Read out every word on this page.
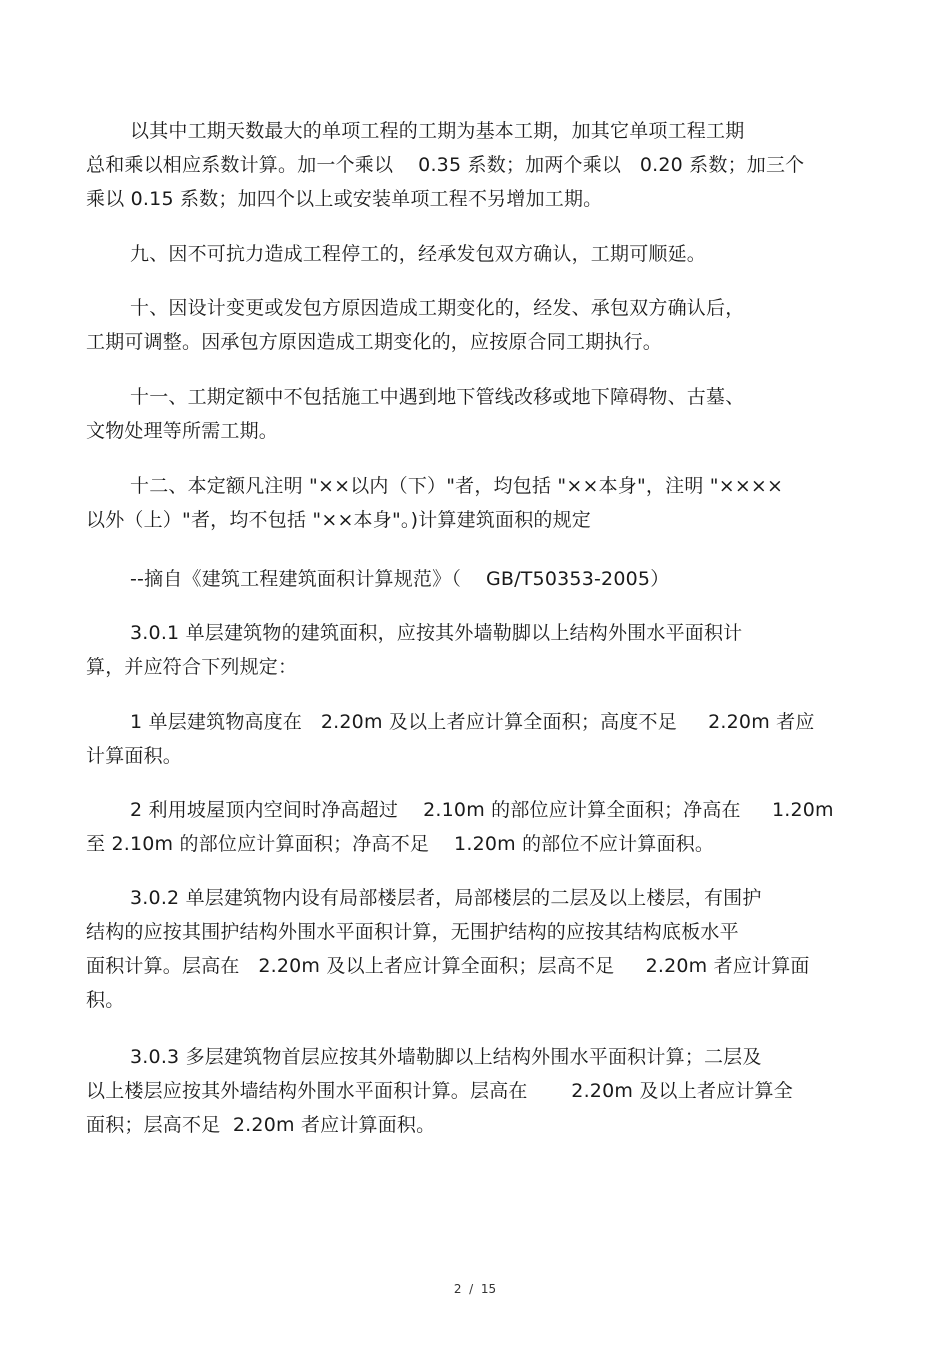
以其中工期天数最大的单项工程的工期为基本工期，加其它单项工程工期
总和乘以相应系数计算。加一个乘以    0.35 系数；加两个乘以   0.20 系数；加三个
乘以 0.15 系数；加四个以上或安装单项工程不另增加工期。
九、因不可抗力造成工程停工的，经承发包双方确认，工期可顺延。
十、因设计变更或发包方原因造成工期变化的，经发、承包双方确认后，
工期可调整。因承包方原因造成工期变化的，应按原合同工期执行。
十一、工期定额中不包括施工中遇到地下管线改移或地下障碍物、古墓、
文物处理等所需工期。
十二、本定额凡注明 "××以内（下）"者，均包括 "××本身"，注明 "××××
以外（上）"者，均不包括 "××本身"。)计算建筑面积的规定
--摘自《建筑工程建筑面积计算规范》（    GB/T50353-2005）
3.0.1 单层建筑物的建筑面积，应按其外墙勒脚以上结构外围水平面积计
算，并应符合下列规定：
1 单层建筑物高度在   2.20m 及以上者应计算全面积；高度不足     2.20m 者应
计算面积。
2 利用坡屋顶内空间时净高超过    2.10m 的部位应计算全面积；净高在     1.20m
至 2.10m 的部位应计算面积；净高不足    1.20m 的部位不应计算面积。
3.0.2 单层建筑物内设有局部楼层者，局部楼层的二层及以上楼层，有围护
结构的应按其围护结构外围水平面积计算，无围护结构的应按其结构底板水平
面积计算。层高在   2.20m 及以上者应计算全面积；层高不足     2.20m 者应计算面
积。
3.0.3 多层建筑物首层应按其外墙勒脚以上结构外围水平面积计算；二层及
以上楼层应按其外墙结构外围水平面积计算。层高在       2.20m 及以上者应计算全
面积；层高不足  2.20m 者应计算面积。
2  /  15
